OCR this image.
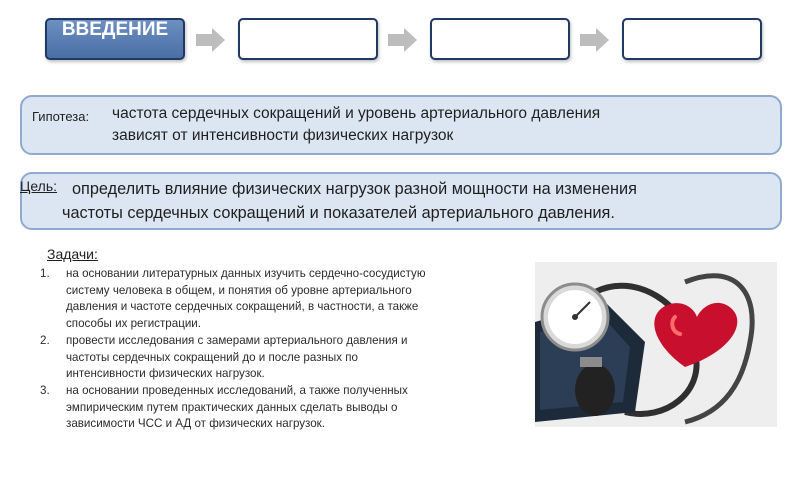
ВВЕДЕНИЕ
Гипотеза: частота сердечных сокращений и уровень артериального давления
зависят от интенсивности физических нагрузок
Цель: определить влияние физических нагрузок разной мощности на изменения
частоты сердечных сокращений и показателей артериального давления.
Задачи:
1. на основании литературных данных изучить сердечно-сосудистую
систему человека в общем, и понятия об уровне артериального
давления и частоте сердечных сокращений, в частности, а также
способы их регистрации.
2. провести исследования с замерами артериального давления и
частоты сердечных сокращений до и после разных по
интенсивности физических нагрузок.
3. на основании проведенных исследований, а также полученных
эмпирическим путем практических данных сделать выводы о
зависимости ЧСС и АД от физических нагрузок.
